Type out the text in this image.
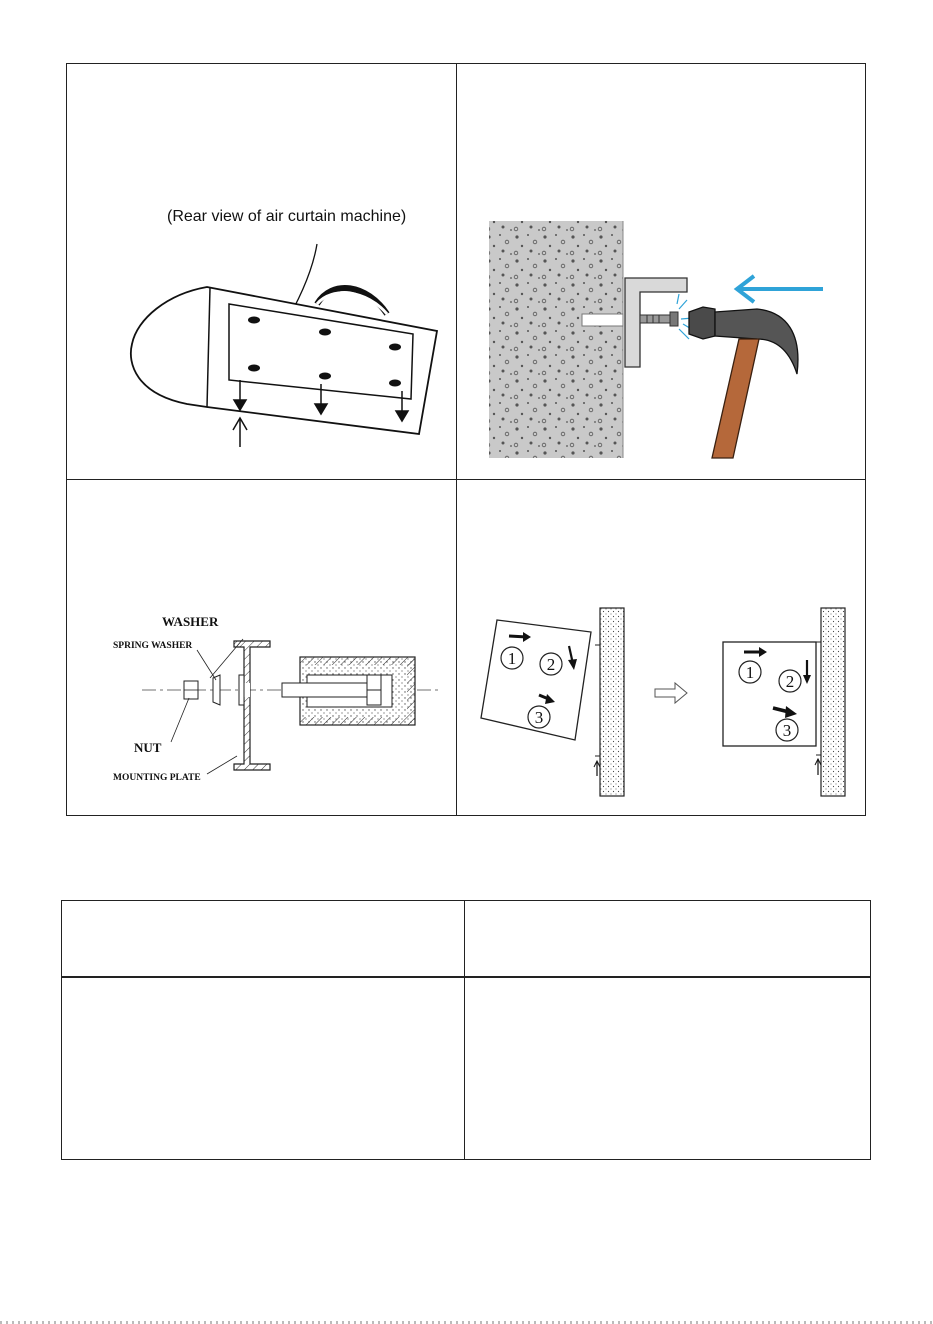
(Rear view of air curtain machine)
WASHER
SPRING WASHER
NUT
MOUNTING PLATE
1 2
3
1 2
3
